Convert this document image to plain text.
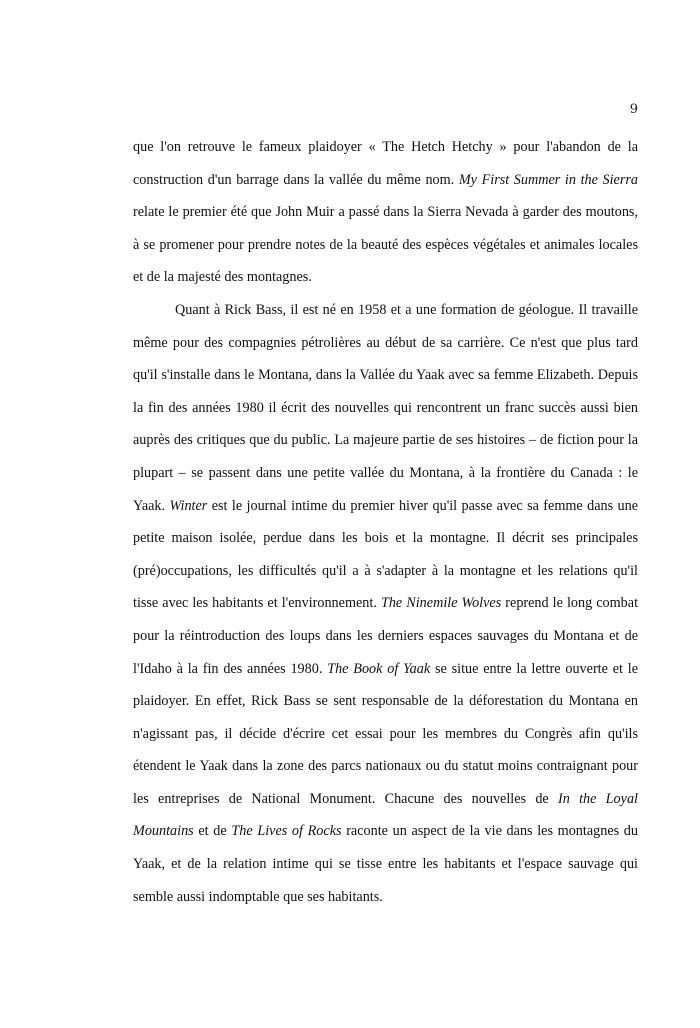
9

que l'on retrouve le fameux plaidoyer « The Hetch Hetchy » pour l'abandon de la construction d'un barrage dans la vallée du même nom. My First Summer in the Sierra relate le premier été que John Muir a passé dans la Sierra Nevada à garder des moutons, à se promener pour prendre notes de la beauté des espèces végétales et animales locales et de la majesté des montagnes.

Quant à Rick Bass, il est né en 1958 et a une formation de géologue. Il travaille même pour des compagnies pétrolières au début de sa carrière. Ce n'est que plus tard qu'il s'installe dans le Montana, dans la Vallée du Yaak avec sa femme Elizabeth. Depuis la fin des années 1980 il écrit des nouvelles qui rencontrent un franc succès aussi bien auprès des critiques que du public. La majeure partie de ses histoires – de fiction pour la plupart – se passent dans une petite vallée du Montana, à la frontière du Canada : le Yaak. Winter est le journal intime du premier hiver qu'il passe avec sa femme dans une petite maison isolée, perdue dans les bois et la montagne. Il décrit ses principales (pré)occupations, les difficultés qu'il a à s'adapter à la montagne et les relations qu'il tisse avec les habitants et l'environnement. The Ninemile Wolves reprend le long combat pour la réintroduction des loups dans les derniers espaces sauvages du Montana et de l'Idaho à la fin des années 1980. The Book of Yaak se situe entre la lettre ouverte et le plaidoyer. En effet, Rick Bass se sent responsable de la déforestation du Montana en n'agissant pas, il décide d'écrire cet essai pour les membres du Congrès afin qu'ils étendent le Yaak dans la zone des parcs nationaux ou du statut moins contraignant pour les entreprises de National Monument. Chacune des nouvelles de In the Loyal Mountains et de The Lives of Rocks raconte un aspect de la vie dans les montagnes du Yaak, et de la relation intime qui se tisse entre les habitants et l'espace sauvage qui semble aussi indomptable que ses habitants.
